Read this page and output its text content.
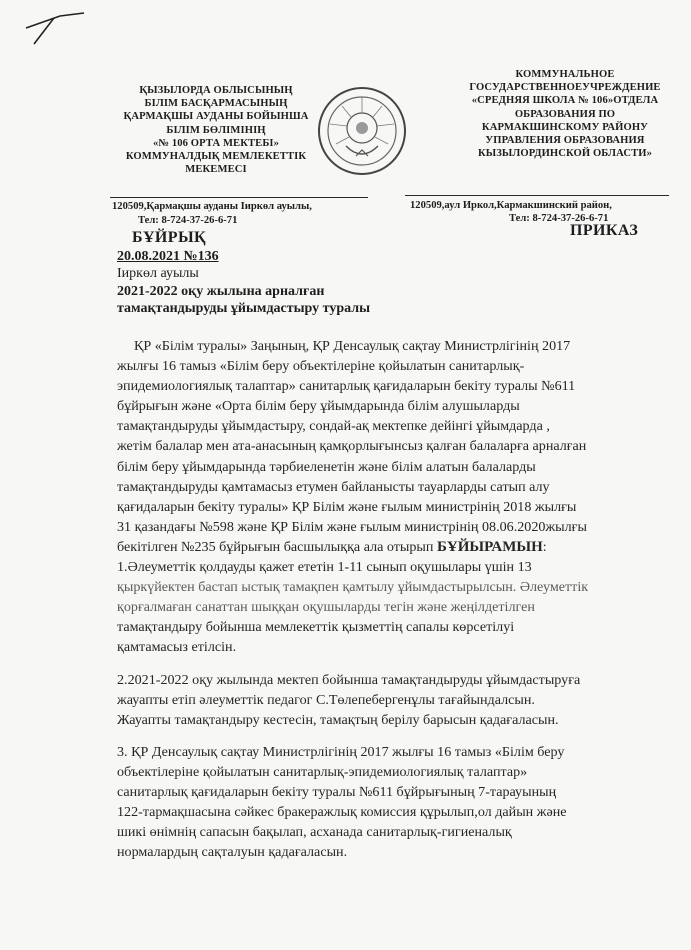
ҚЫЗЫЛОРДА ОБЛЫСЫНЫҢ
БІЛІМ БАСҚАРМАСЫНЫҢ
ҚАРМАҚШЫ АУДАНЫ БОЙЫНША
БІЛІМ БӨЛІМІНІҢ
«№ 106 ОРТА МЕКТЕБІ»
КОММУНАЛДЫҚ МЕМЛЕКЕТТІК
МЕКЕМЕСІ
КОММУНАЛЬНОЕ
ГОСУДАРСТВЕННОЕУЧРЕЖДЕНИЕ
«СРЕДНЯЯ ШКОЛА № 106»ОТДЕЛА
ОБРАЗОВАНИЯ ПО
КАРМАКШИНСКОМУ РАЙОНУ
УПРАВЛЕНИЯ ОБРАЗОВАНИЯ
КЫЗЫЛОРДИНСКОЙ ОБЛАСТИ»
120509,Қармақшы ауданы Іиркөл ауылы,
Тел: 8-724-37-26-6-71
120509,аул Иркол,Кармакшинский район,
Тел: 8-724-37-26-6-71
БҰЙРЫҚ	ПРИКАЗ
20.08.2021 №136
Іиркөл ауылы
2021-2022 оқу жылына арналған
тамақтандыруды ұйымдастыру туралы
ҚР «Білім туралы» Заңының, ҚР Денсаулық сақтау Министрлігінің 2017
жылғы 16 тамыз «Білім беру объектілеріне қойылатын санитарлық-
эпидемиологиялық талаптар» санитарлық қағидаларын бекіту туралы №611
бұйрығын және «Орта білім беру ұйымдарында білім алушыларды
тамақтандыруды ұйымдастыру, сондай-ақ мектепке дейінгі ұйымдарда ,
жетім балалар мен ата-анасының қамқорлығынсыз қалған балаларға арналған
білім беру ұйымдарында тәрбиеленетін және білім алатын балаларды
тамақтандыруды қамтамасыз етумен байланысты тауарларды сатып алу
қағидаларын бекіту туралы» ҚР Білім және ғылым министрінің 2018 жылғы
31 қазандағы №598 және ҚР Білім және ғылым министрінің 08.06.2020жылғы
бекітілген №235 бұйрығын басшылыққа ала отырып БҰЙЫРАМЫН:
1.Әлеуметтік қолдауды қажет ететін 1-11 сынып оқушылары үшін 13
қыркүйектен бастап ыстық тамақпен қамтылу ұйымдастырылсын. Әлеуметтік
қорғалмаған санаттан шыққан оқушыларды тегін және жеңілдетілген
тамақтандыру бойынша мемлекеттік қызметтің сапалы көрсетілуі
қамтамасыз етілсін.
2.2021-2022 оқу жылында мектеп бойынша тамақтандыруды ұйымдастыруға
жауапты етіп әлеуметтік педагог С.Төлепебергенұлы тағайындалсын.
Жауапты тамақтандыру кестесін, тамақтың берілу барысын қадағаласын.
3. ҚР Денсаулық сақтау Министрлігінің 2017 жылғы 16 тамыз «Білім беру
объектілеріне қойылатын санитарлық-эпидемиологиялық талаптар»
санитарлық қағидаларын бекіту туралы №611 бұйрығының 7-тарауының
122-тармақшасына сәйкес бракеражлық комиссия құрылып,ол дайын және
шикі өнімнің сапасын бақылап, асханада санитарлық-гигиеналық
нормалардың сақталуын қадағаласын.
